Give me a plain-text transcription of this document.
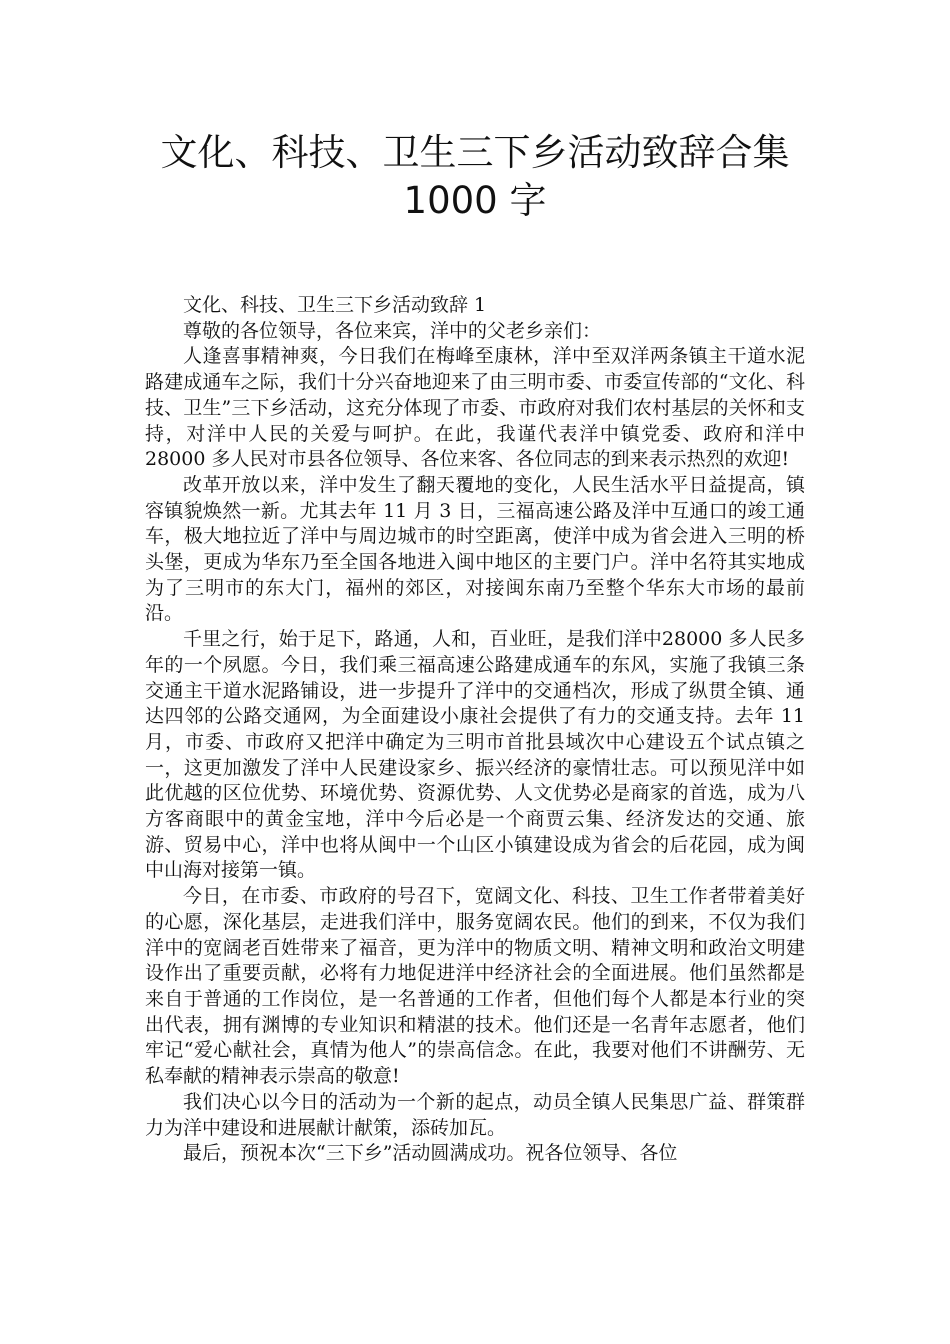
文化、科技、卫生三下乡活动致辞合集
1000 字

文化、科技、卫生三下乡活动致辞 1

尊敬的各位领导，各位来宾，洋中的父老乡亲们：

人逢喜事精神爽，今日我们在梅峰至康林，洋中至双洋两条镇主干道水泥路建成通车之际，我们十分兴奋地迎来了由三明市委、市委宣传部的“文化、科技、卫生”三下乡活动，这充分体现了市委、市政府对我们农村基层的关怀和支持，对洋中人民的关爱与呵护。在此，我谨代表洋中镇党委、政府和洋中 28000 多人民对市县各位领导、各位来客、各位同志的到来表示热烈的欢迎!

改革开放以来，洋中发生了翻天覆地的变化，人民生活水平日益提高，镇容镇貌焕然一新。尤其去年 11 月 3 日，三福高速公路及洋中互通口的竣工通车，极大地拉近了洋中与周边城市的时空距离，使洋中成为省会进入三明的桥头堡，更成为华东乃至全国各地进入闽中地区的主要门户。洋中名符其实地成为了三明市的东大门，福州的郊区，对接闽东南乃至整个华东大市场的最前沿。

千里之行，始于足下，路通，人和，百业旺，是我们洋中28000 多人民多年的一个夙愿。今日，我们乘三福高速公路建成通车的东风，实施了我镇三条交通主干道水泥路铺设，进一步提升了洋中的交通档次，形成了纵贯全镇、通达四邻的公路交通网，为全面建设小康社会提供了有力的交通支持。去年 11 月，市委、市政府又把洋中确定为三明市首批县域次中心建设五个试点镇之一，这更加激发了洋中人民建设家乡、振兴经济的豪情壮志。可以预见洋中如此优越的区位优势、环境优势、资源优势、人文优势必是商家的首选，成为八方客商眼中的黄金宝地，洋中今后必是一个商贾云集、经济发达的交通、旅游、贸易中心，洋中也将从闽中一个山区小镇建设成为省会的后花园，成为闽中山海对接第一镇。

今日，在市委、市政府的号召下，宽阔文化、科技、卫生工作者带着美好的心愿，深化基层，走进我们洋中，服务宽阔农民。他们的到来，不仅为我们洋中的宽阔老百姓带来了福音，更为洋中的物质文明、精神文明和政治文明建设作出了重要贡献，必将有力地促进洋中经济社会的全面进展。他们虽然都是来自于普通的工作岗位，是一名普通的工作者，但他们每个人都是本行业的突出代表，拥有渊博的专业知识和精湛的技术。他们还是一名青年志愿者，他们牢记“爱心献社会，真情为他人”的崇高信念。在此，我要对他们不讲酬劳、无私奉献的精神表示崇高的敬意!

我们决心以今日的活动为一个新的起点，动员全镇人民集思广益、群策群力为洋中建设和进展献计献策，添砖加瓦。

最后，预祝本次“三下乡”活动圆满成功。祝各位领导、各位
